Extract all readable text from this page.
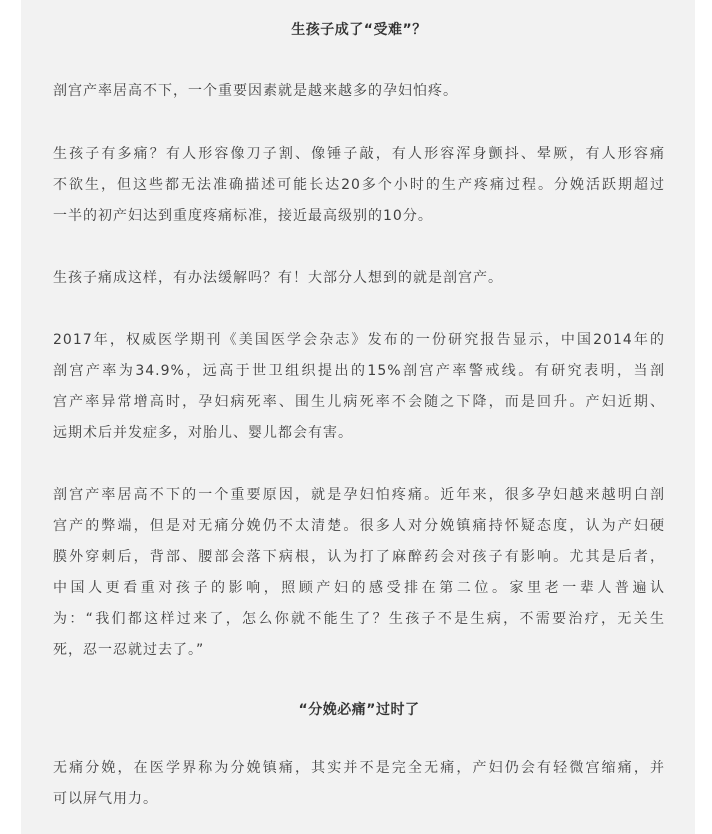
生孩子成了“受难”？
剖宫产率居高不下，一个重要因素就是越来越多的孕妇怕疼。
生孩子有多痛？有人形容像刀子割、像锤子敲，有人形容浑身颤抖、晕厥，有人形容痛
不欲生，但这些都无法准确描述可能长达20多个小时的生产疼痛过程。分娩活跃期超过
一半的初产妇达到重度疼痛标准，接近最高级别的10分。
生孩子痛成这样，有办法缓解吗？有！大部分人想到的就是剖宫产。
2017年，权威医学期刊《美国医学会杂志》发布的一份研究报告显示，中国2014年的
剖宫产率为34.9%，远高于世卫组织提出的15%剖宫产率警戒线。有研究表明，当剖
宫产率异常增高时，孕妇病死率、围生儿病死率不会随之下降，而是回升。产妇近期、
远期术后并发症多，对胎儿、婴儿都会有害。
剖宫产率居高不下的一个重要原因，就是孕妇怕疼痛。近年来，很多孕妇越来越明白剖
宫产的弊端，但是对无痛分娩仍不太清楚。很多人对分娩镇痛持怀疑态度，认为产妇硬
膜外穿刺后，背部、腰部会落下病根，认为打了麻醉药会对孩子有影响。尤其是后者，
中国人更看重对孩子的影响，照顾产妇的感受排在第二位。家里老一辈人普遍认
为：“我们都这样过来了，怎么你就不能生了？生孩子不是生病，不需要治疗，无关生
死，忍一忍就过去了。”
“分娩必痛”过时了
无痛分娩，在医学界称为分娩镇痛，其实并不是完全无痛，产妇仍会有轻微宫缩痛，并
可以屏气用力。
